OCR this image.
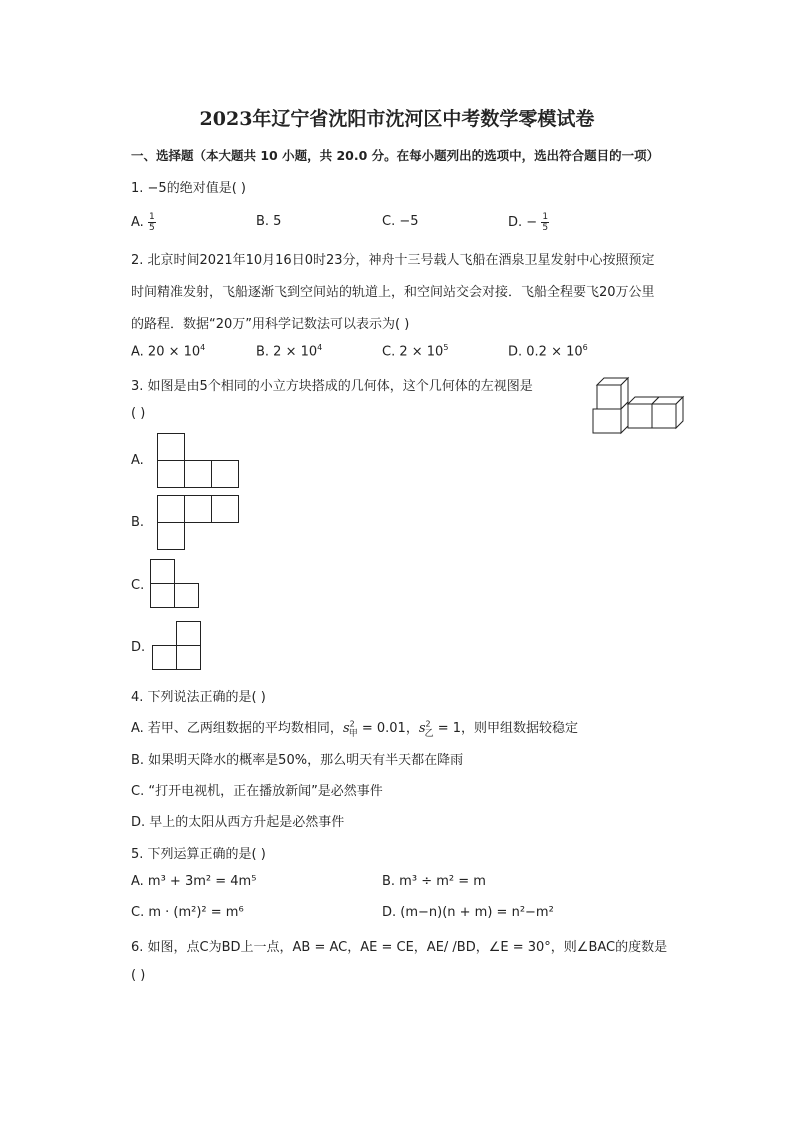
2023年辽宁省沈阳市沈河区中考数学零模试卷
一、选择题（本大题共 10 小题，共 20.0 分。在每小题列出的选项中，选出符合题目的一项）
1. −5的绝对值是( )
A. $\frac{1}{5}$	B. 5	C. −5	D. − $\frac{1}{5}$
2. 北京时间2021年10月16日0时23分，神舟十三号载人飞船在酒泉卫星发射中心按照预定
时间精准发射，飞船逐渐飞到空间站的轨道上，和空间站交会对接．飞船全程要飞20万公里
的路程．数据“20万”用科学记数法可以表示为( )
A. $20 \times 10^4$	B. $2 \times 10^4$	C. $2 \times 10^5$	D. $0.2 \times 10^6$
3. 如图是由5个相同的小立方块搭成的几何体，这个几何体的左视图是
( )
A.
B.
C.
D.
4. 下列说法正确的是( )
A. 若甲、乙两组数据的平均数相同，$s^2_甲 = 0.01$，$s^2_乙 = 1$，则甲组数据较稳定
B. 如果明天降水的概率是50%，那么明天有半天都在降雨
C. “打开电视机，正在播放新闻”是必然事件
D. 早上的太阳从西方升起是必然事件
5. 下列运算正确的是( )
A. m³ + 3m² = 4m⁵	B. m³ ÷ m² = m
C. m · (m²)² = m⁶	D. (m−n)(n + m) = n²−m²
6. 如图，点C为BD上一点，AB = AC，AE = CE，AE/ /BD，∠E = 30°，则∠BAC的度数是
( )
